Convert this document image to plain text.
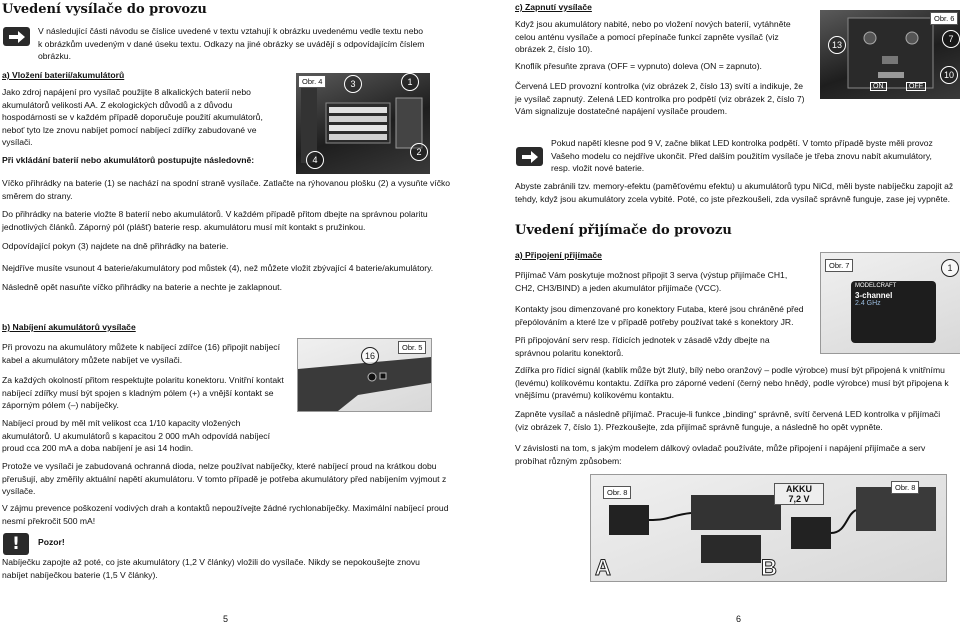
Uvedení vysílače do provozu

V následující části návodu se číslice uvedené v textu vztahují k obrázku uvedenému vedle textu nebo k obrázkům uvedeným v dané úseku textu. Odkazy na jiné obrázky se uvádějí s odpovídajícím číslem obrázku.

a) Vložení baterií/akumulátorů

Jako zdroj napájení pro vysílač použijte 8 alkalických baterií nebo akumulátorů velikosti AA. Z ekologických důvodů a z důvodu hospodárnosti se v každém případě doporučuje použití akumulátorů, neboť tyto lze znovu nabíjet pomocí nabíjecí zdířky zabudované ve vysílači.

Při vkládání baterií nebo akumulátorů postupujte následovně:

Obr. 4	3	1
4
2

Víčko přihrádky na baterie (1) se nachází na spodní straně vysílače. Zatlačte na rýhovanou plošku (2) a vysuňte víčko směrem do strany.

Do přihrádky na baterie vložte 8 baterií nebo akumulátorů. V každém případě přitom dbejte na správnou polaritu jednotlivých článků. Záporný pól (plášť) baterie resp. akumulátoru musí mít kontakt s pružinkou.

Odpovídající pokyn (3) najdete na dně přihrádky na baterie.

Nejdříve musíte vsunout 4 baterie/akumulátory pod můstek (4), než můžete vložit zbývající 4 baterie/akumulátory.

Následně opět nasuňte víčko přihrádky na baterie a nechte je zaklapnout.

b) Nabíjení akumulátorů vysílače

Při provozu na akumulátory můžete k nabíjecí zdířce (16) připojit nabíjecí kabel a akumulátory můžete nabíjet ve vysílači.

Za každých okolností přitom respektujte polaritu konektoru. Vnitřní kontakt nabíjecí zdířky musí být spojen s kladným pólem (+) a vnější kontakt se záporným pólem (–) nabíječky.

Nabíjecí proud by měl mít velikost cca 1/10 kapacity vložených akumulátorů. U akumulátorů s kapacitou 2 000 mAh odpovídá nabíjecí proud cca 200 mA a doba nabíjení je asi 14 hodin.

16
Obr. 5

Protože ve vysílači je zabudovaná ochranná dioda, nelze používat nabíječky, které nabíjecí proud na krátkou dobu přerušují, aby změřily aktuální napětí akumulátoru. V tomto případě je potřeba akumulátory před nabíjením vyjmout z vysílače.

V zájmu prevence poškození vodivých drah a kontaktů nepoužívejte žádné rychlonabíječky. Maximální nabíjecí proud nesmí překročit 500 mA!

!	Pozor!

Nabíječku zapojte až poté, co jste akumulátory (1,2 V články) vložili do vysílače. Nikdy se nepokoušejte znovu nabíjet nabíječkou baterie (1,5 V články).

5

c) Zapnutí vysílače

Když jsou akumulátory nabité, nebo po vložení nových baterií, vytáhněte celou anténu vysílače a pomocí přepínače funkcí zapněte vysílač (viz obrázek 2, číslo 10).	13
7
10
Obr. 6
ON	OFF

Knoflík přesuňte zprava (OFF = vypnuto) doleva (ON = zapnuto).

Červená LED provozní kontrolka (viz obrázek 2, číslo 13) svítí a indikuje, že je vysílač zapnutý. Zelená LED kontrolka pro podpětí (viz obrázek 2, číslo 7) Vám signalizuje dostatečné napájení vysílače proudem.

Pokud napětí klesne pod 9 V, začne blikat LED kontrolka podpětí. V tomto případě byste měli provoz Vašeho modelu co nejdříve ukončit. Před dalším použitím vysílače je třeba znovu nabít akumulátory, resp. vložit nové baterie.

Abyste zabránili tzv. memory-efektu (paměťovému efektu) u akumulátorů typu NiCd, měli byste nabíječku zapojit až tehdy, když jsou akumulátory zcela vybité. Poté, co jste přezkoušeli, zda vysílač správně funguje, zase jej vypněte.

Uvedení přijímače do provozu

a) Připojení přijímače

Přijímač Vám poskytuje možnost připojit 3 serva (výstup přijímače CH1, CH2, CH3/BIND) a jeden akumulátor přijímače (VCC).

Obr. 7
MODELCRAFT
3-channel
2.4 GHz
1

Kontakty jsou dimenzované pro konektory Futaba, které jsou chráněné před přepólováním a které lze v případě potřeby používat také s konektory JR.

Při připojování serv resp. řídicích jednotek v zásadě vždy dbejte na správnou polaritu konektorů.

Zdířka pro řídicí signál (kablík může být žlutý, bílý nebo oranžový – podle výrobce) musí být připojená k vnitřnímu (levému) kolíkovému kontaktu. Zdířka pro záporné vedení (černý nebo hnědý, podle výrobce) musí být připojena k vnějšímu (pravému) kolíkovému kontaktu.

Zapněte vysílač a následně přijímač. Pracuje-li funkce „binding“ správně, svítí červená LED kontrolka v přijímači (viz obrázek 7, číslo 1). Přezkoušejte, zda přijímač správně funguje, a následně ho opět vypněte.

V závislosti na tom, s jakým modelem dálkový ovladač používáte, může připojení i napájení přijímače a serv probíhat různým způsobem:

Obr. 8
Obr. 8
A	B
AKKU
7,2 V
6
